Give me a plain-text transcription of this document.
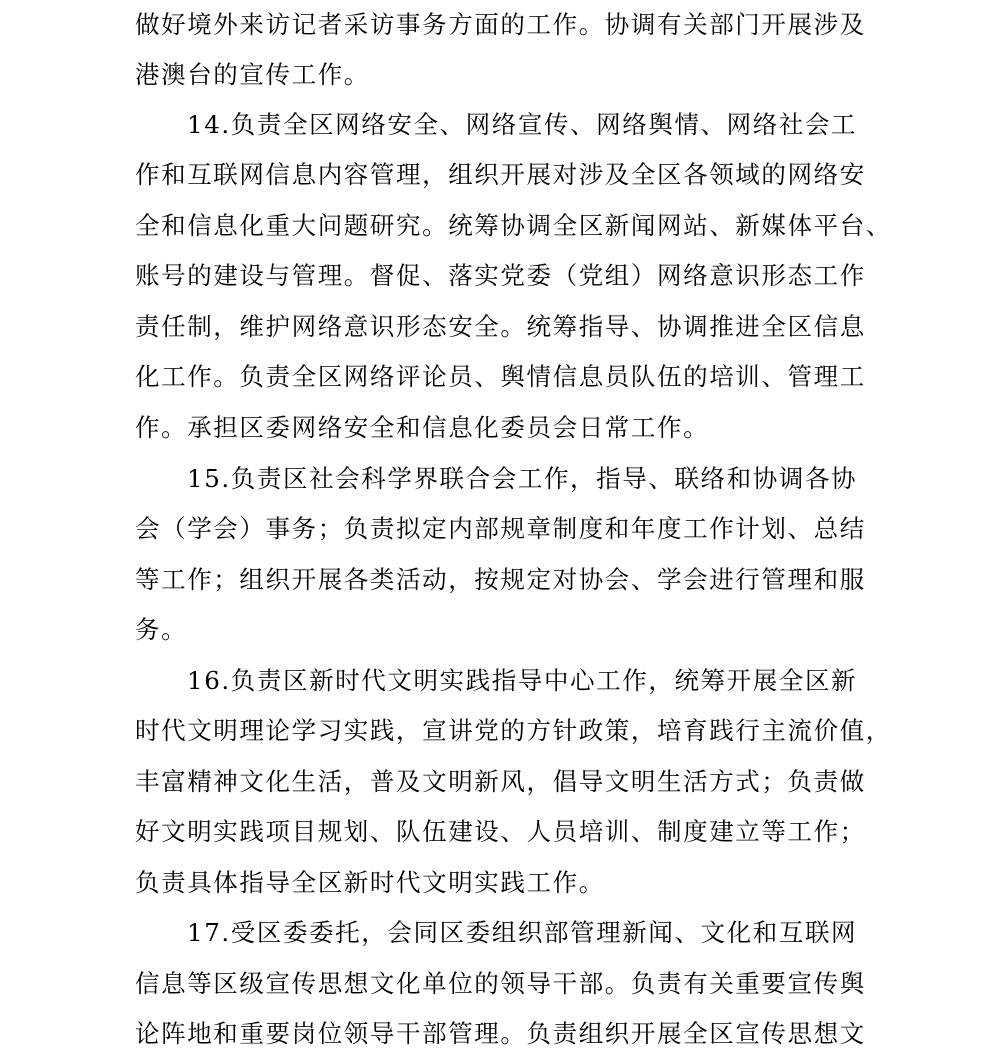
做好境外来访记者采访事务方面的工作。协调有关部门开展涉及
港澳台的宣传工作。
14.负责全区网络安全、网络宣传、网络舆情、网络社会工
作和互联网信息内容管理，组织开展对涉及全区各领域的网络安
全和信息化重大问题研究。统筹协调全区新闻网站、新媒体平台、
账号的建设与管理。督促、落实党委（党组）网络意识形态工作
责任制，维护网络意识形态安全。统筹指导、协调推进全区信息
化工作。负责全区网络评论员、舆情信息员队伍的培训、管理工
作。承担区委网络安全和信息化委员会日常工作。
15.负责区社会科学界联合会工作，指导、联络和协调各协
会（学会）事务；负责拟定内部规章制度和年度工作计划、总结
等工作；组织开展各类活动，按规定对协会、学会进行管理和服
务。
16.负责区新时代文明实践指导中心工作，统筹开展全区新
时代文明理论学习实践，宣讲党的方针政策，培育践行主流价值，
丰富精神文化生活，普及文明新风，倡导文明生活方式；负责做
好文明实践项目规划、队伍建设、人员培训、制度建立等工作；
负责具体指导全区新时代文明实践工作。
17.受区委委托，会同区委组织部管理新闻、文化和互联网
信息等区级宣传思想文化单位的领导干部。负责有关重要宣传舆
论阵地和重要岗位领导干部管理。负责组织开展全区宣传思想文
